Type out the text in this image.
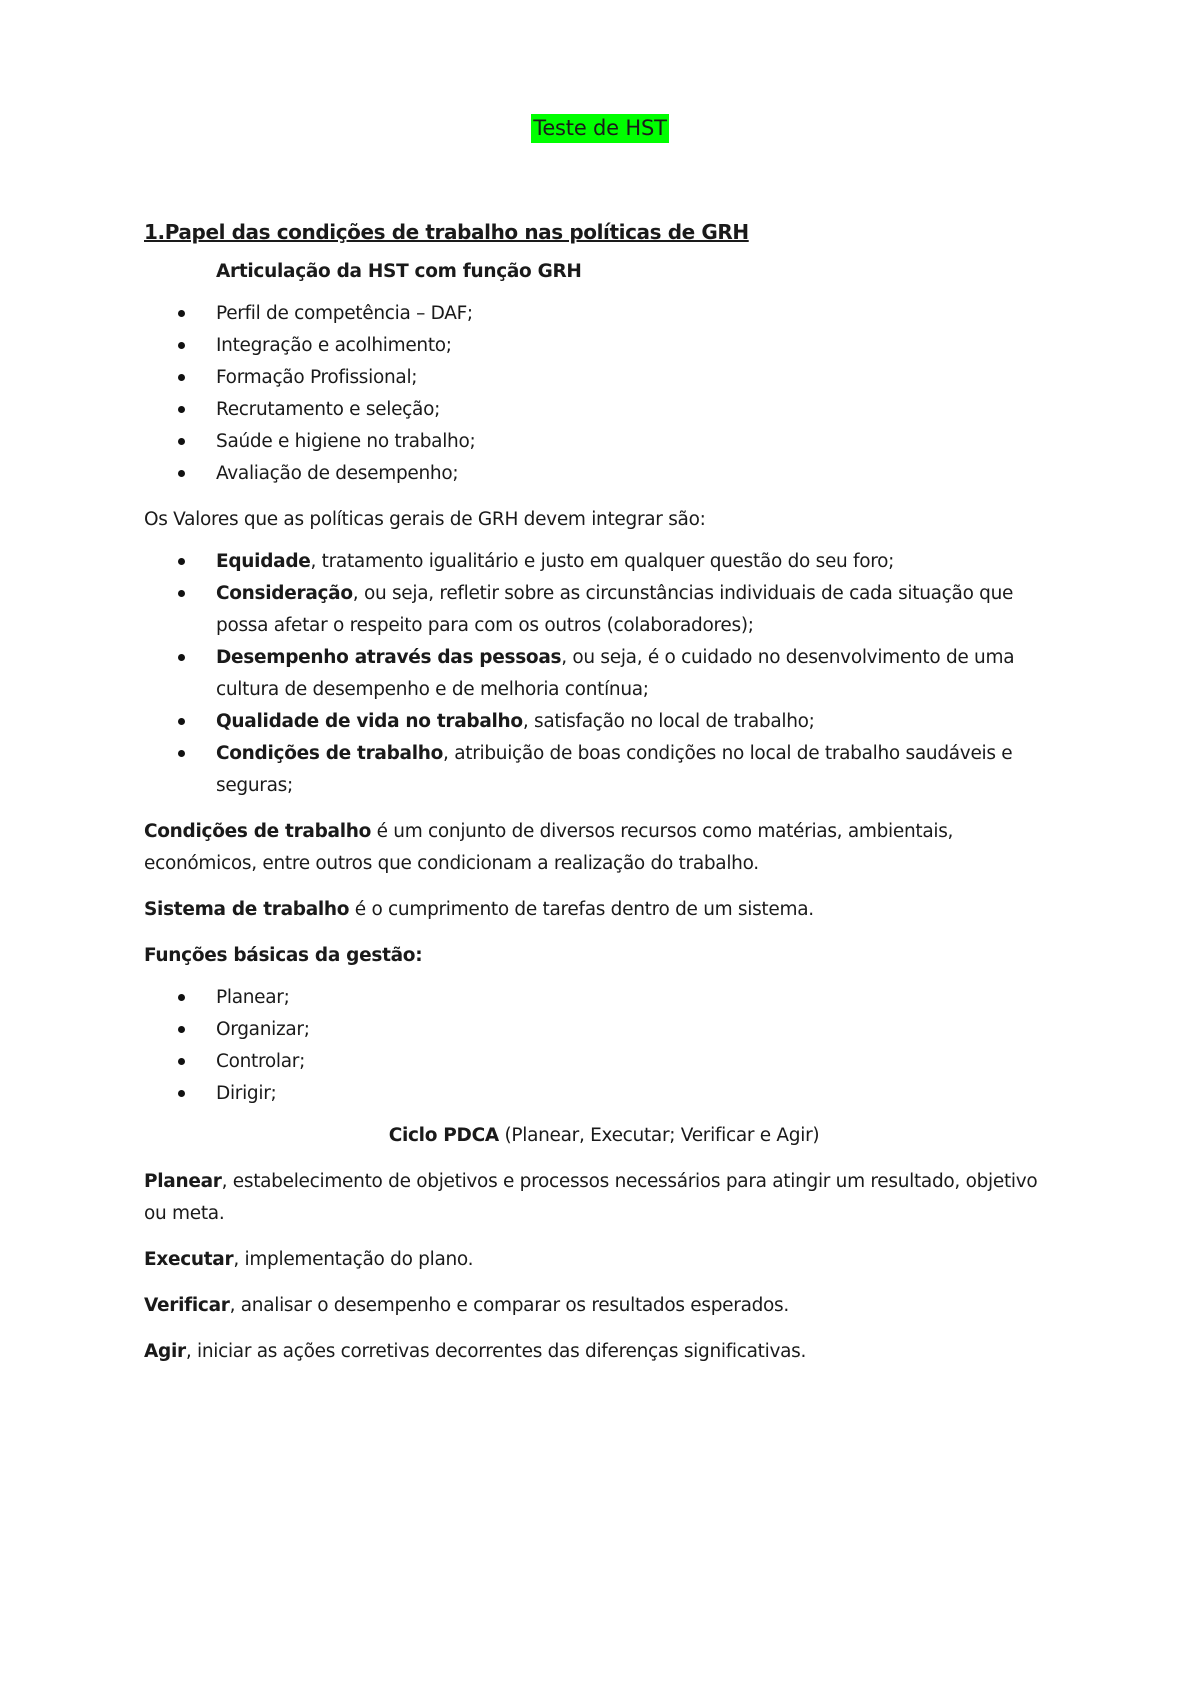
Teste de HST
1.Papel das condições de trabalho nas políticas de GRH
Articulação da HST com função GRH
Perfil de competência – DAF;
Integração e acolhimento;
Formação Profissional;
Recrutamento e seleção;
Saúde e higiene no trabalho;
Avaliação de desempenho;

Os Valores que as políticas gerais de GRH devem integrar são:

Equidade, tratamento igualitário e justo em qualquer questão do seu foro;
Consideração, ou seja, refletir sobre as circunstâncias individuais de cada situação que possa afetar o respeito para com os outros (colaboradores);
Desempenho através das pessoas, ou seja, é o cuidado no desenvolvimento de uma cultura de desempenho e de melhoria contínua;
Qualidade de vida no trabalho, satisfação no local de trabalho;
Condições de trabalho, atribuição de boas condições no local de trabalho saudáveis e seguras;

Condições de trabalho é um conjunto de diversos recursos como matérias, ambientais, económicos, entre outros que condicionam a realização do trabalho.

Sistema de trabalho é o cumprimento de tarefas dentro de um sistema.

Funções básicas da gestão:

Planear;
Organizar;
Controlar;
Dirigir;

Ciclo PDCA (Planear, Executar; Verificar e Agir)

Planear, estabelecimento de objetivos e processos necessários para atingir um resultado, objetivo ou meta.

Executar, implementação do plano.

Verificar, analisar o desempenho e comparar os resultados esperados.

Agir, iniciar as ações corretivas decorrentes das diferenças significativas.
